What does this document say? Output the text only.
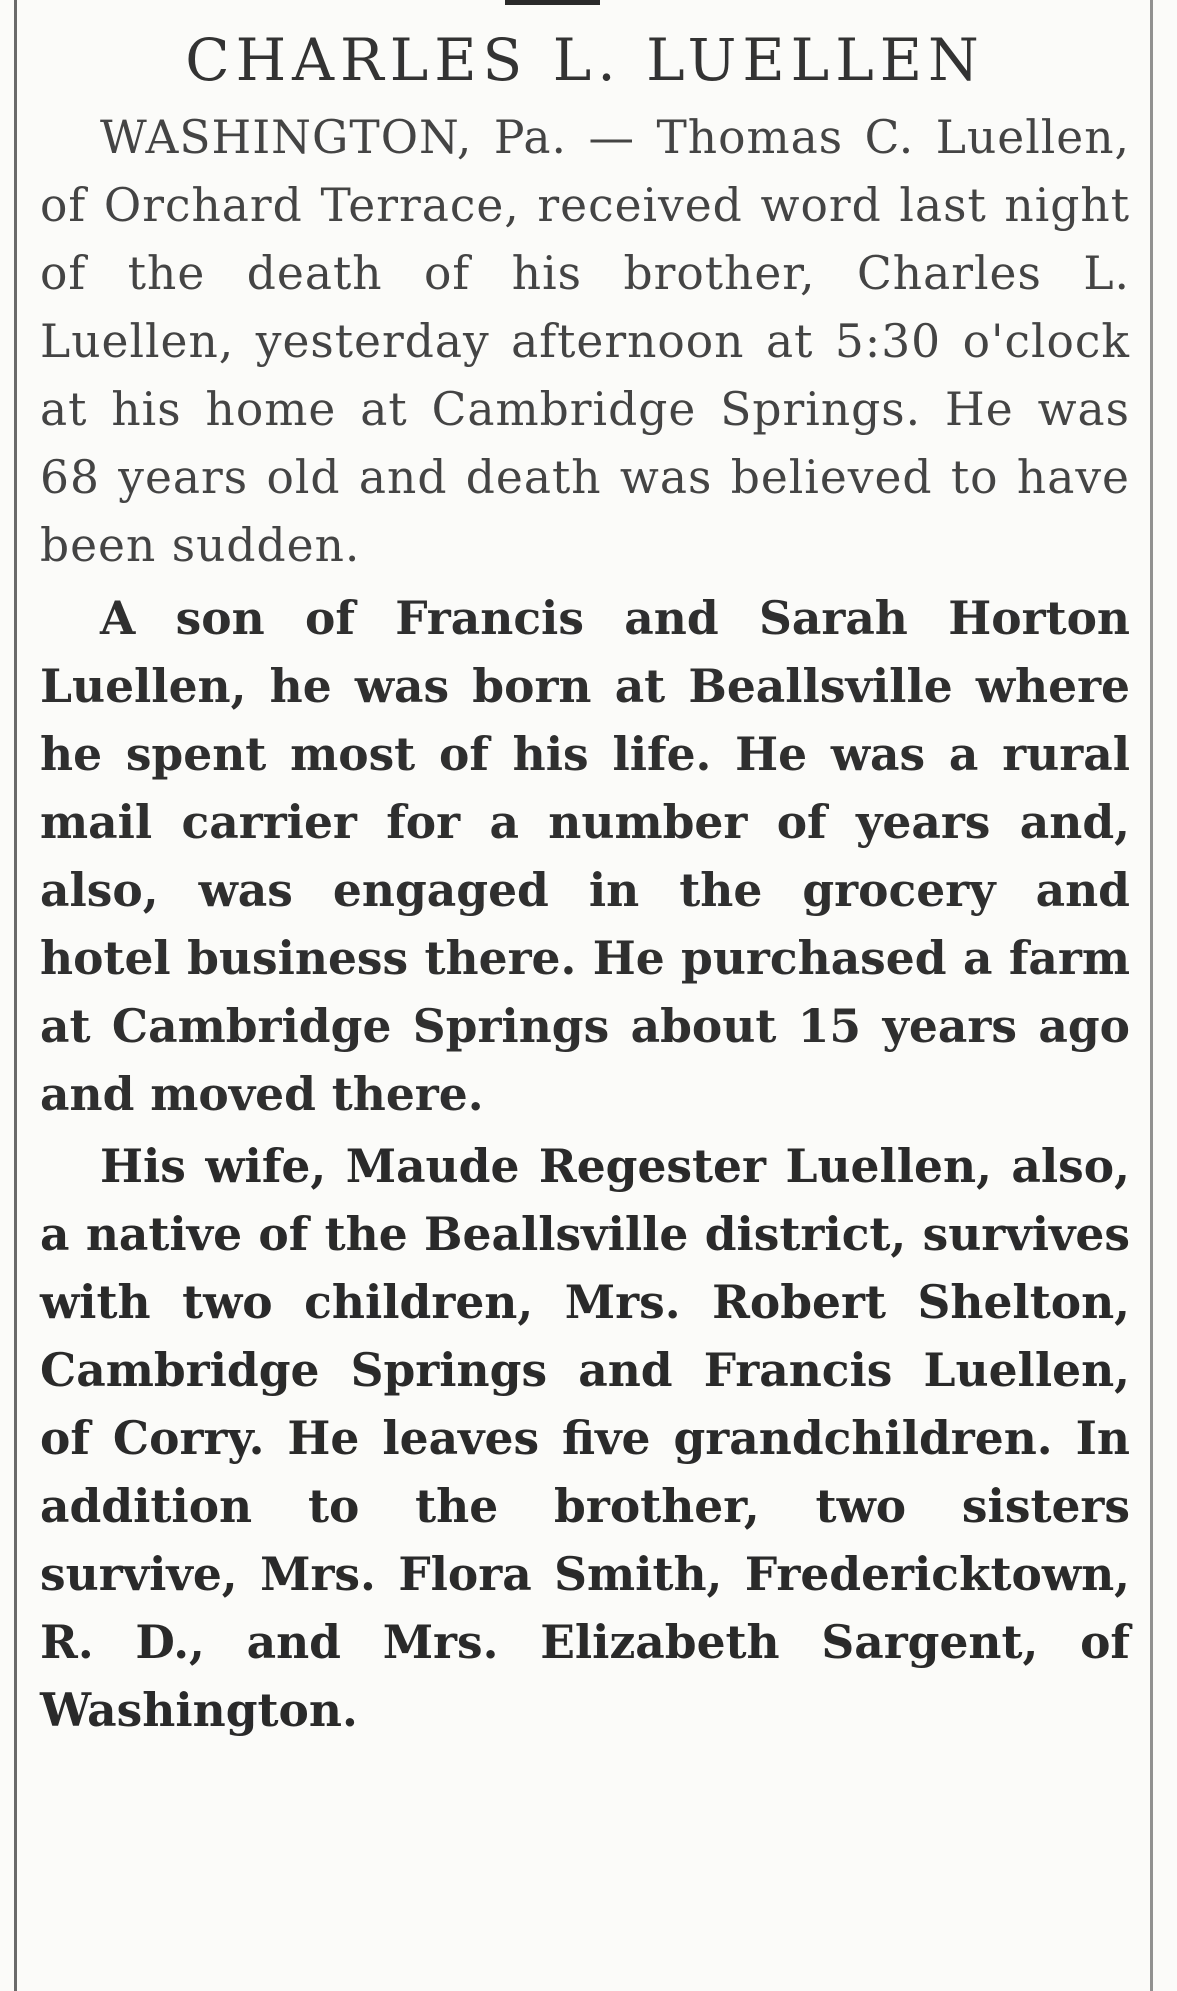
CHARLES L. LUELLEN

WASHINGTON, Pa. — Thomas C. Luellen, of Orchard Terrace, received word last night of the death of his brother, Charles L. Luellen, yesterday afternoon at 5:30 o'clock at his home at Cambridge Springs. He was 68 years old and death was believed to have been sudden.

A son of Francis and Sarah Horton Luellen, he was born at Beallsville where he spent most of his life. He was a rural mail carrier for a number of years and, also, was engaged in the grocery and hotel business there. He purchased a farm at Cambridge Springs about 15 years ago and moved there.

His wife, Maude Regester Luellen, also, a native of the Beallsville district, survives with two children, Mrs. Robert Shelton, Cambridge Springs and Francis Luellen, of Corry. He leaves five grandchildren. In addition to the brother, two sisters survive, Mrs. Flora Smith, Fredericktown, R. D., and Mrs. Elizabeth Sargent, of Washington.
